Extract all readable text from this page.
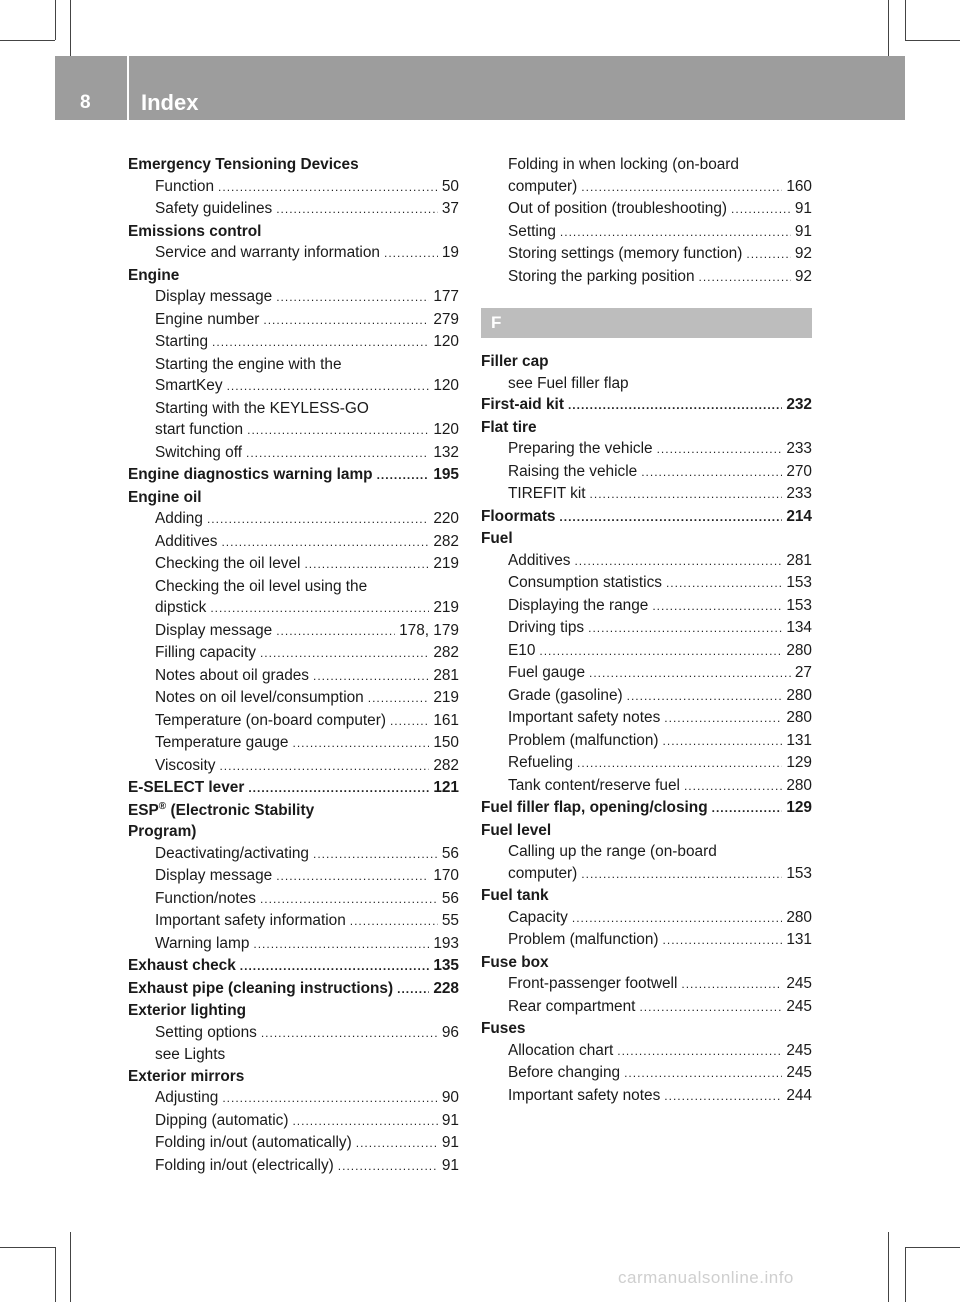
8 Index
Emergency Tensioning Devices
Function .....	50
Safety guidelines .....	37
Emissions control
Service and warranty information .....	19
Engine
Display message .....	177
Engine number .....	279
Starting .....	120
Starting the engine with the
SmartKey .....	120
Starting with the KEYLESS-GO
start function .....	120
Switching off .....	132
Engine diagnostics warning lamp .....	195
Engine oil
Adding .....	220
Additives .....	282
Checking the oil level .....	219
Checking the oil level using the
dipstick .....	219
Display message .....	178, 179
Filling capacity .....	282
Notes about oil grades .....	281
Notes on oil level/consumption .....	219
Temperature (on-board computer) .....	161
Temperature gauge .....	150
Viscosity .....	282
E-SELECT lever .....	121
ESP® (Electronic Stability
Program)
Deactivating/activating .....	56
Display message .....	170
Function/notes .....	56
Important safety information .....	55
Warning lamp .....	193
Exhaust check .....	135
Exhaust pipe (cleaning instructions) .....	228
Exterior lighting
Setting options .....	96
see Lights
Exterior mirrors
Adjusting .....	90
Dipping (automatic) .....	91
Folding in/out (automatically) .....	91
Folding in/out (electrically) .....	91
Folding in when locking (on-board
computer) .....	160
Out of position (troubleshooting) .....	91
Setting .....	91
Storing settings (memory function) .....	92
Storing the parking position .....	92
F
Filler cap
see Fuel filler flap
First-aid kit .....	232
Flat tire
Preparing the vehicle .....	233
Raising the vehicle .....	270
TIREFIT kit .....	233
Floormats .....	214
Fuel
Additives .....	281
Consumption statistics .....	153
Displaying the range .....	153
Driving tips .....	134
E10 .....	280
Fuel gauge .....	27
Grade (gasoline) .....	280
Important safety notes .....	280
Problem (malfunction) .....	131
Refueling .....	129
Tank content/reserve fuel .....	280
Fuel filler flap, opening/closing .....	129
Fuel level
Calling up the range (on-board
computer) .....	153
Fuel tank
Capacity .....	280
Problem (malfunction) .....	131
Fuse box
Front-passenger footwell .....	245
Rear compartment .....	245
Fuses
Allocation chart .....	245
Before changing .....	245
Important safety notes .....	244
carmanualsonline.info
